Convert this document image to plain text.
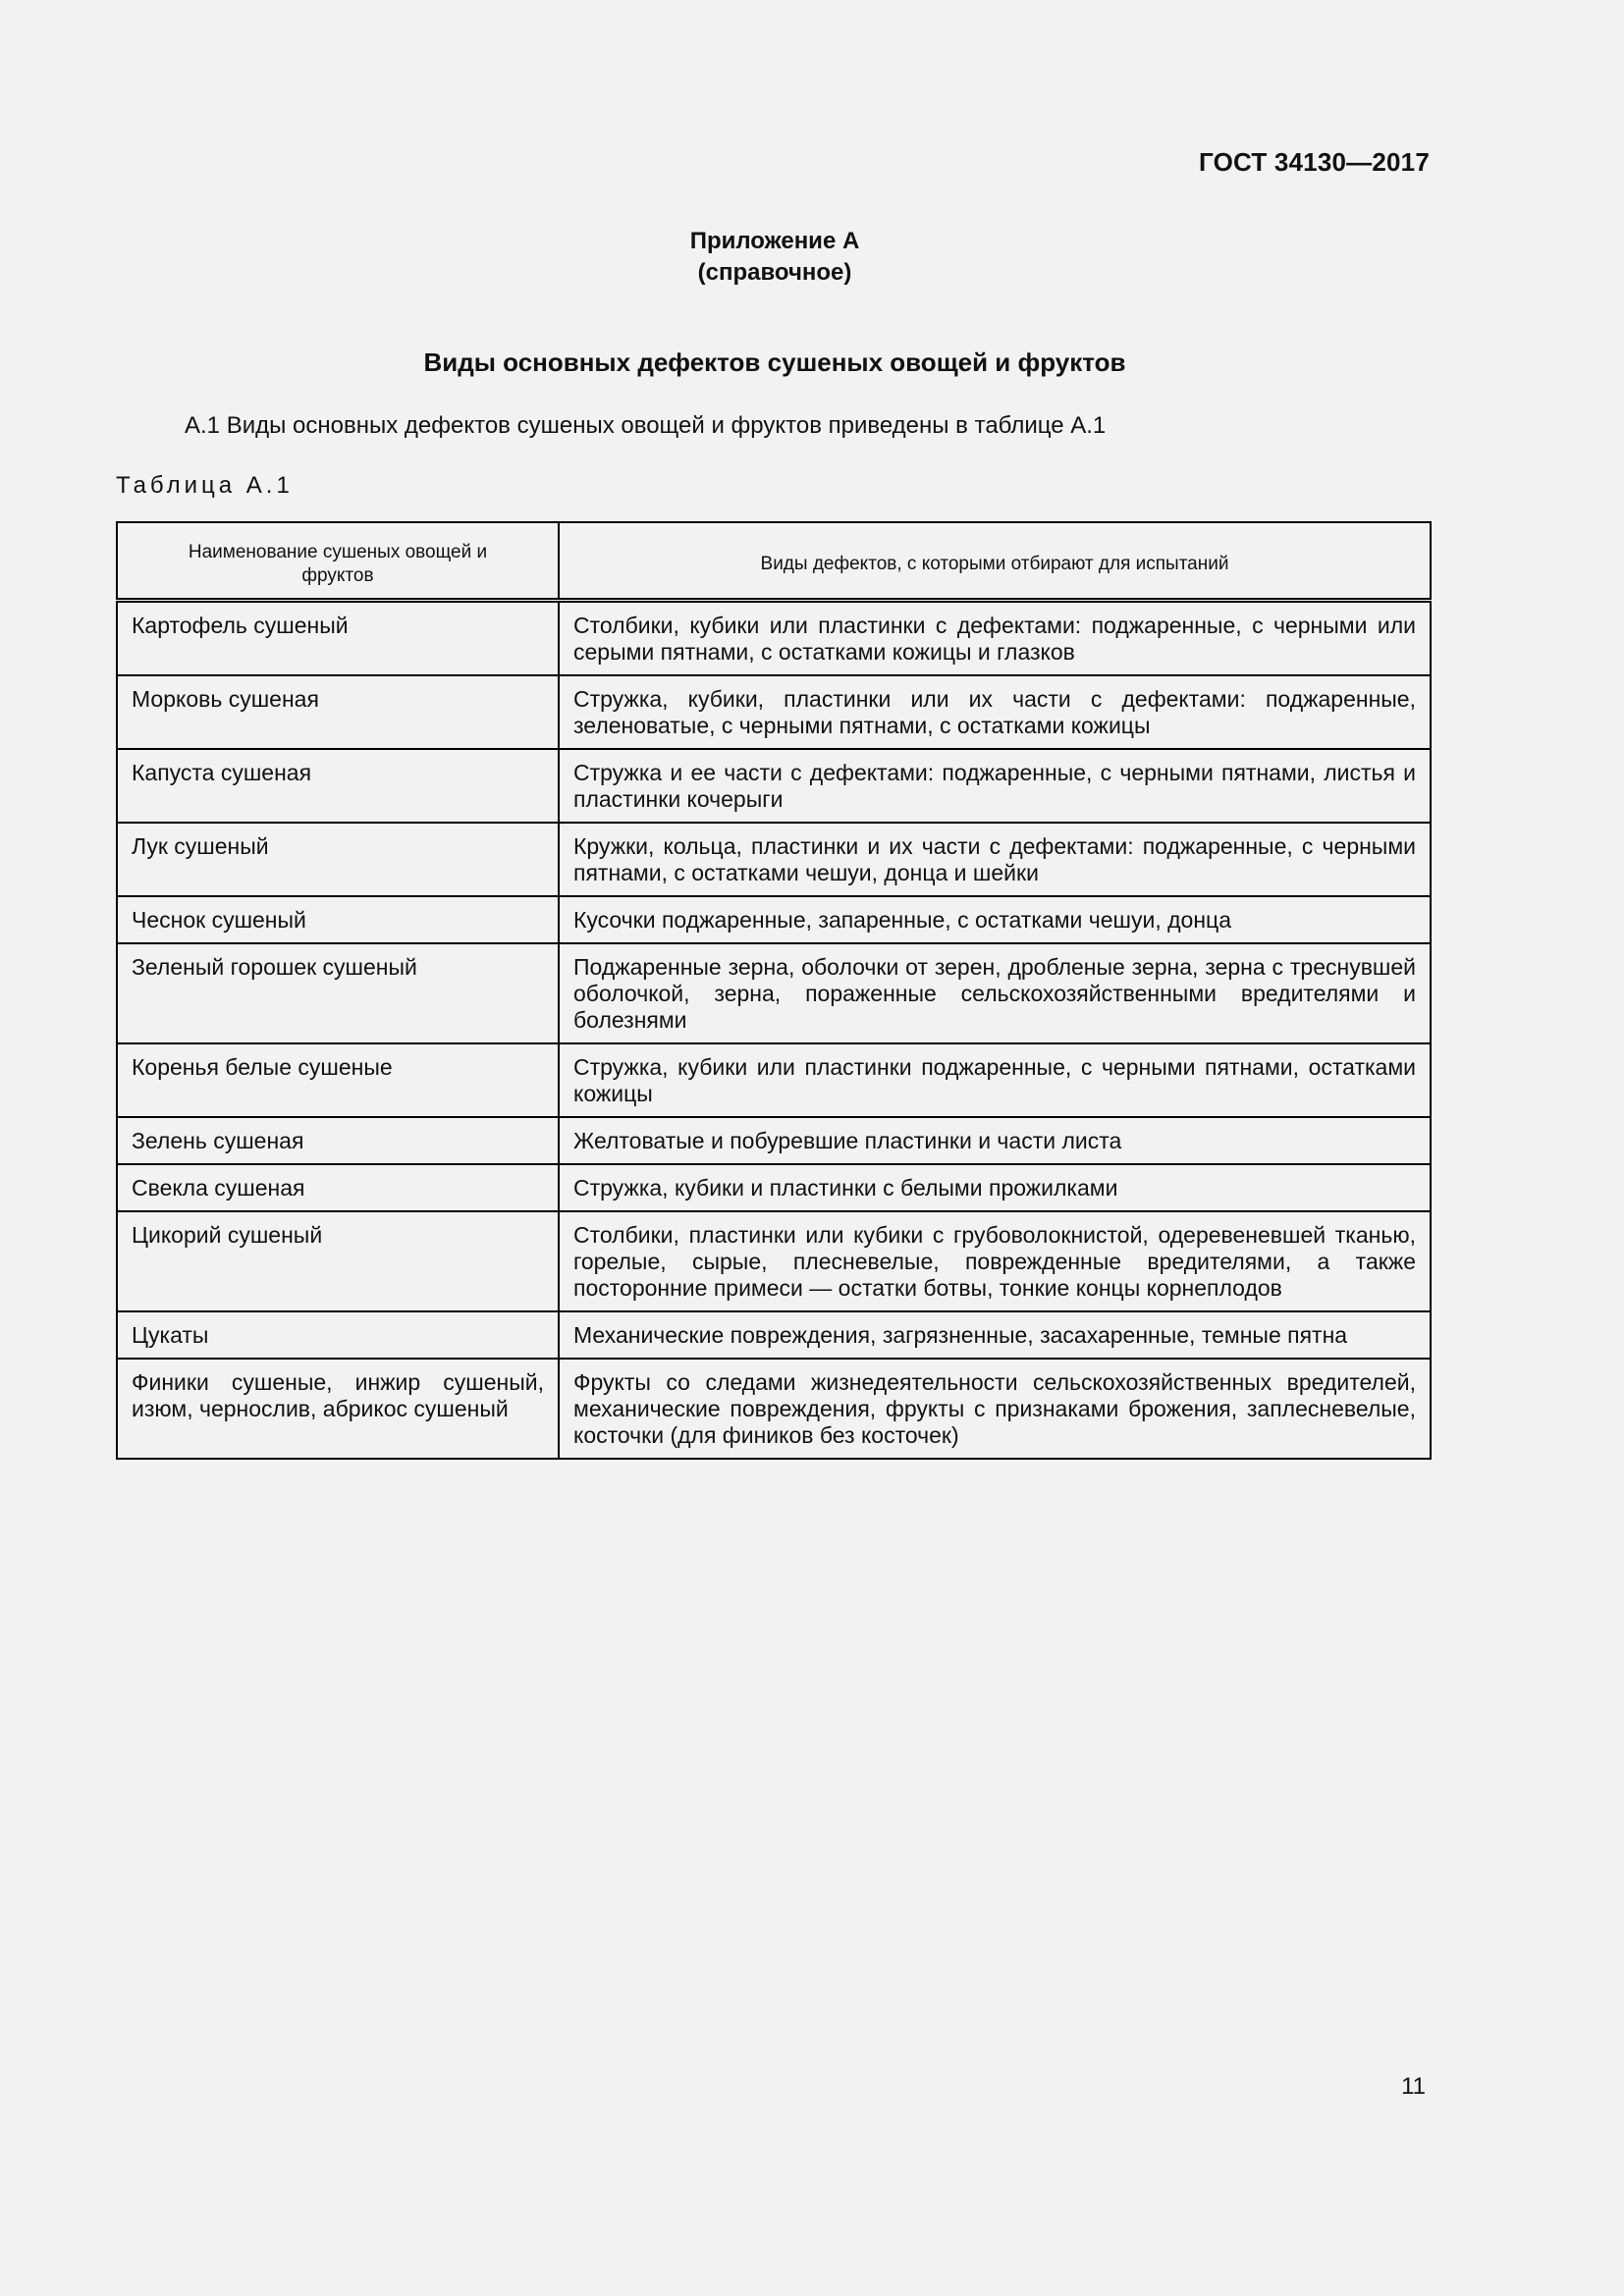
ГОСТ 34130—2017
Приложение А
(справочное)
Виды основных дефектов сушеных овощей и фруктов
А.1 Виды основных дефектов сушеных овощей и фруктов приведены в таблице А.1
Таблица А.1
Наименование сушеных овощей и фруктов	Виды дефектов, с которыми отбирают для испытаний
Картофель сушеный	Столбики, кубики или пластинки с дефектами: поджаренные, с черными или серыми пятнами, с остатками кожицы и глазков
Морковь сушеная	Стружка, кубики, пластинки или их части с дефектами: поджаренные, зеленоватые, с черными пятнами, с остатками кожицы
Капуста сушеная	Стружка и ее части с дефектами: поджаренные, с черными пятнами, листья и пластинки кочерыги
Лук сушеный	Кружки, кольца, пластинки и их части с дефектами: поджаренные, с черными пятнами, с остатками чешуи, донца и шейки
Чеснок сушеный	Кусочки поджаренные, запаренные, с остатками чешуи, донца
Зеленый горошек сушеный	Поджаренные зерна, оболочки от зерен, дробленые зерна, зерна с треснувшей оболочкой, зерна, пораженные сельскохозяйственными вредителями и болезнями
Коренья белые сушеные	Стружка, кубики или пластинки поджаренные, с черными пятнами, остатками кожицы
Зелень сушеная	Желтоватые и побуревшие пластинки и части листа
Свекла сушеная	Стружка, кубики и пластинки с белыми прожилками
Цикорий сушеный	Столбики, пластинки или кубики с грубоволокнистой, одеревеневшей тканью, горелые, сырые, плесневелые, поврежденные вредителями, а также посторонние примеси — остатки ботвы, тонкие концы корнеплодов
Цукаты	Механические повреждения, загрязненные, засахаренные, темные пятна
Финики сушеные, инжир сушеный, изюм, чернослив, абрикос сушеный	Фрукты со следами жизнедеятельности сельскохозяйственных вредителей, механические повреждения, фрукты с признаками брожения, заплесневелые, косточки (для фиников без косточек)
11
